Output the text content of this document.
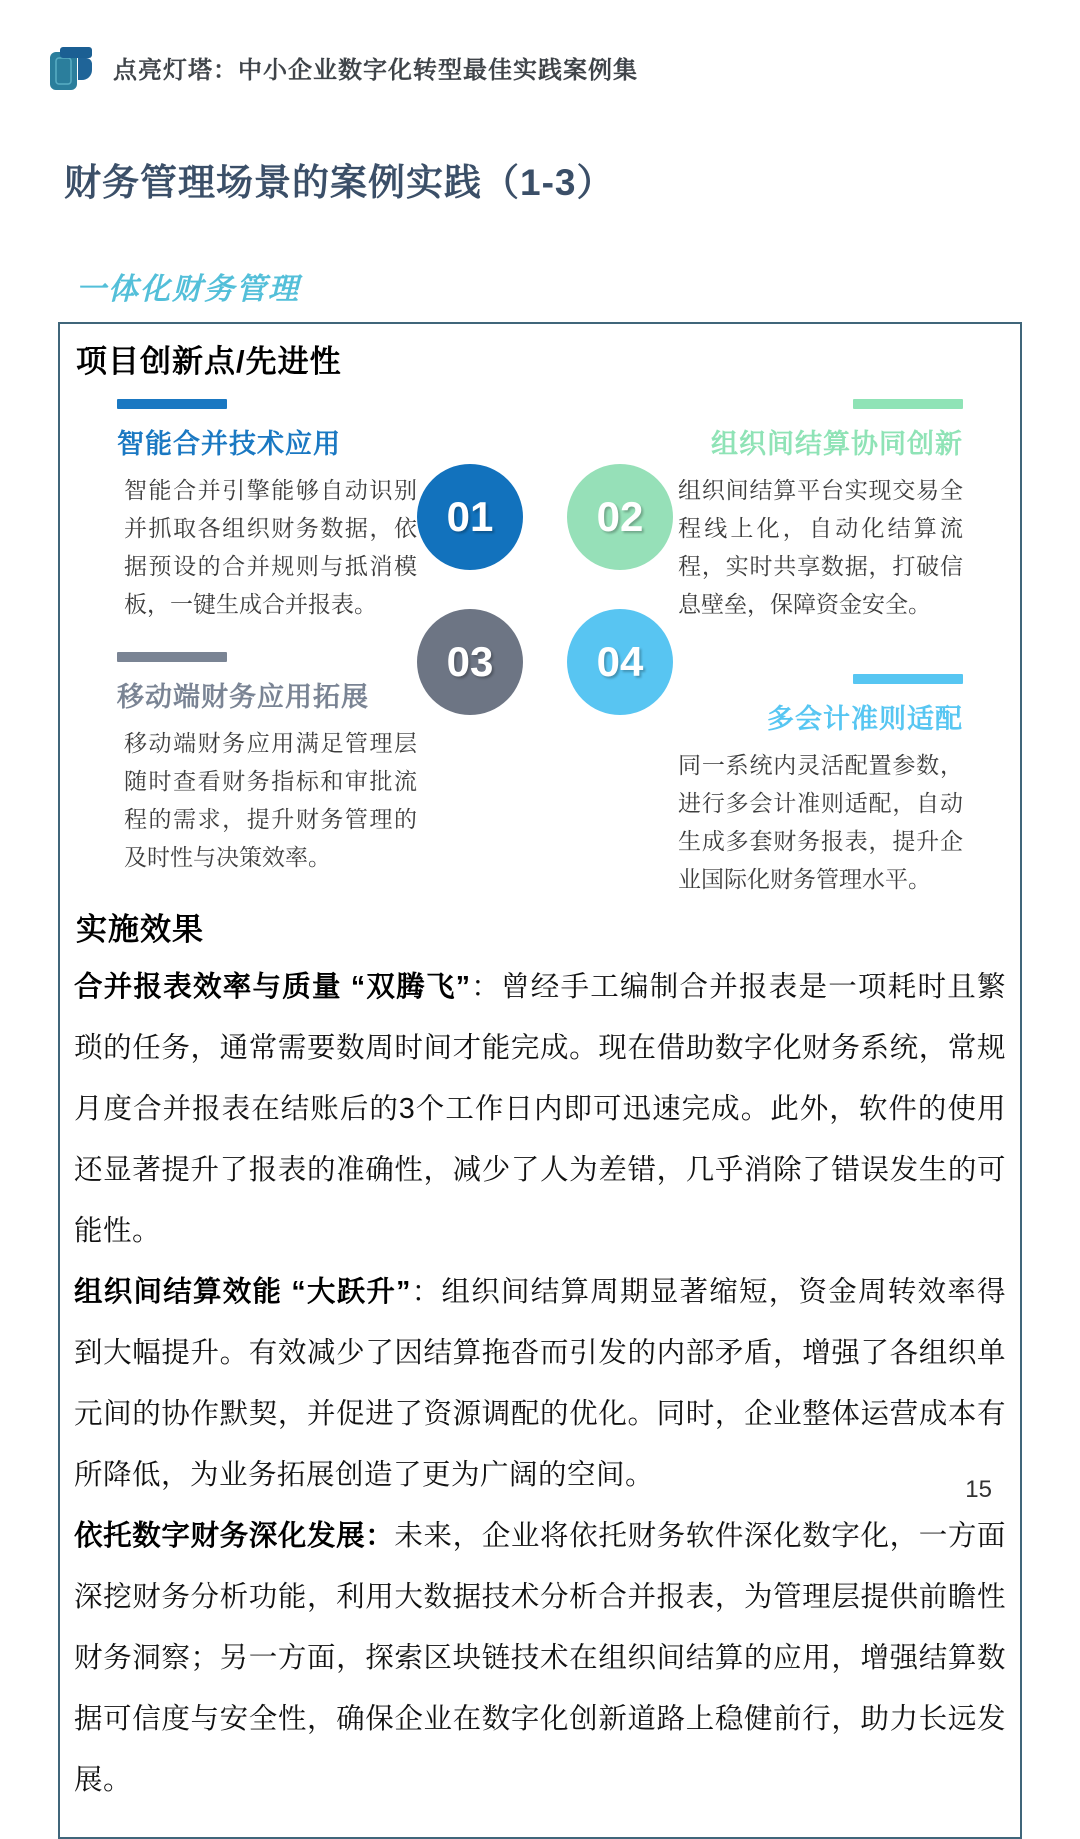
点亮灯塔：中小企业数字化转型最佳实践案例集
财务管理场景的案例实践（1-3）
一体化财务管理
项目创新点/先进性
01	02
03	04
智能合并技术应用
智能合并引擎能够自动识别并抓取各组织财务数据，依据预设的合并规则与抵消模板，一键生成合并报表。
组织间结算协同创新
组织间结算平台实现交易全程线上化，自动化结算流程，实时共享数据，打破信息壁垒，保障资金安全。
移动端财务应用拓展
移动端财务应用满足管理层随时查看财务指标和审批流程的需求，提升财务管理的及时性与决策效率。
多会计准则适配
同一系统内灵活配置参数，进行多会计准则适配，自动生成多套财务报表，提升企业国际化财务管理水平。
实施效果

合并报表效率与质量 “双腾飞”：曾经手工编制合并报表是一项耗时且繁琐的任务，通常需要数周时间才能完成。现在借助数字化财务系统，常规月度合并报表在结账后的3个工作日内即可迅速完成。此外，软件的使用还显著提升了报表的准确性，减少了人为差错，几乎消除了错误发生的可能性。

组织间结算效能 “大跃升”：组织间结算周期显著缩短，资金周转效率得到大幅提升。有效减少了因结算拖沓而引发的内部矛盾，增强了各组织单元间的协作默契，并促进了资源调配的优化。同时，企业整体运营成本有所降低，为业务拓展创造了更为广阔的空间。

依托数字财务深化发展：未来，企业将依托财务软件深化数字化，一方面深挖财务分析功能，利用大数据技术分析合并报表，为管理层提供前瞻性财务洞察；另一方面，探索区块链技术在组织间结算的应用，增强结算数据可信度与安全性，确保企业在数字化创新道路上稳健前行，助力长远发展。

15
